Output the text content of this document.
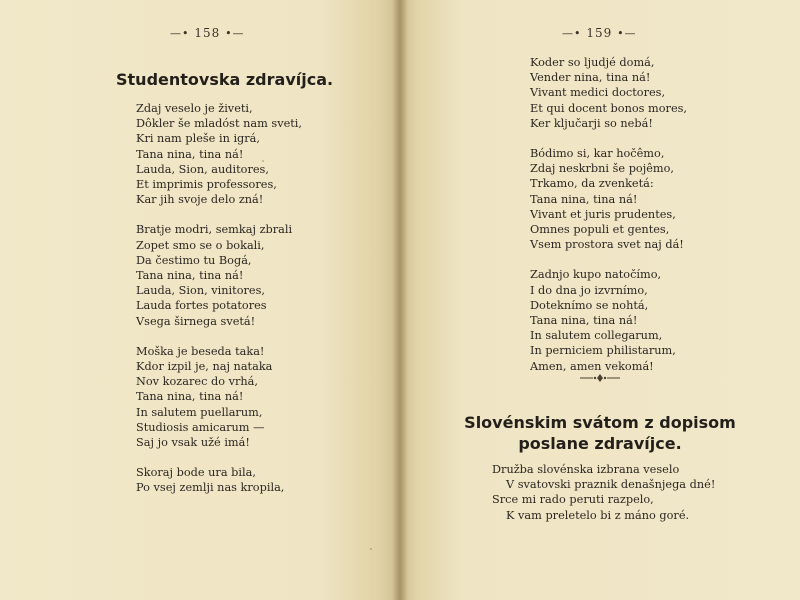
—• 158 •—
Studentovska zdravíjca.
Zdaj veselo je živeti,
Dôkler še mladóst nam sveti,
Kri nam pleše in igrá,
Tana nina, tina ná!
Lauda, Sion, auditores,
Et imprimis professores,
Kar jih svoje delo zná!
Bratje modri, semkaj zbrali
Zopet smo se o bokali,
Da čestimo tu Bogá,
Tana nina, tina ná!
Lauda, Sion, vinitores,
Lauda fortes potatores
Vsega širnega svetá!
Moška je beseda taka!
Kdor izpil je, naj nataka
Nov kozarec do vrhá,
Tana nina, tina ná!
In salutem puellarum,
Studiosis amicarum —
Saj jo vsak užé imá!
Skoraj bode ura bila,
Po vsej zemlji nas kropila,
—• 159 •—
Koder so ljudjé domá,
Vender nina, tina ná!
Vivant medici doctores,
Et qui docent bonos mores,
Ker ključarji so nebá!
Bódimo si, kar hočêmo,
Zdaj neskrbni še pojêmo,
Trkamo, da zvenketá:
Tana nina, tina ná!
Vivant et juris prudentes,
Omnes populi et gentes,
Vsem prostora svet naj dá!
Zadnjo kupo natočímo,
I do dna jo izvrnímo,
Doteknímo se nohtá,
Tana nina, tina ná!
In salutem collegarum,
In perniciem philistarum,
Amen, amen vekomá!
Slovénskim svátom z dopisom
poslane zdravíjce.
Družba slovénska izbrana veselo
V svatovski praznik denašnjega dné!
Srce mi rado peruti razpelo,
K vam preletelo bi z máno goré.
